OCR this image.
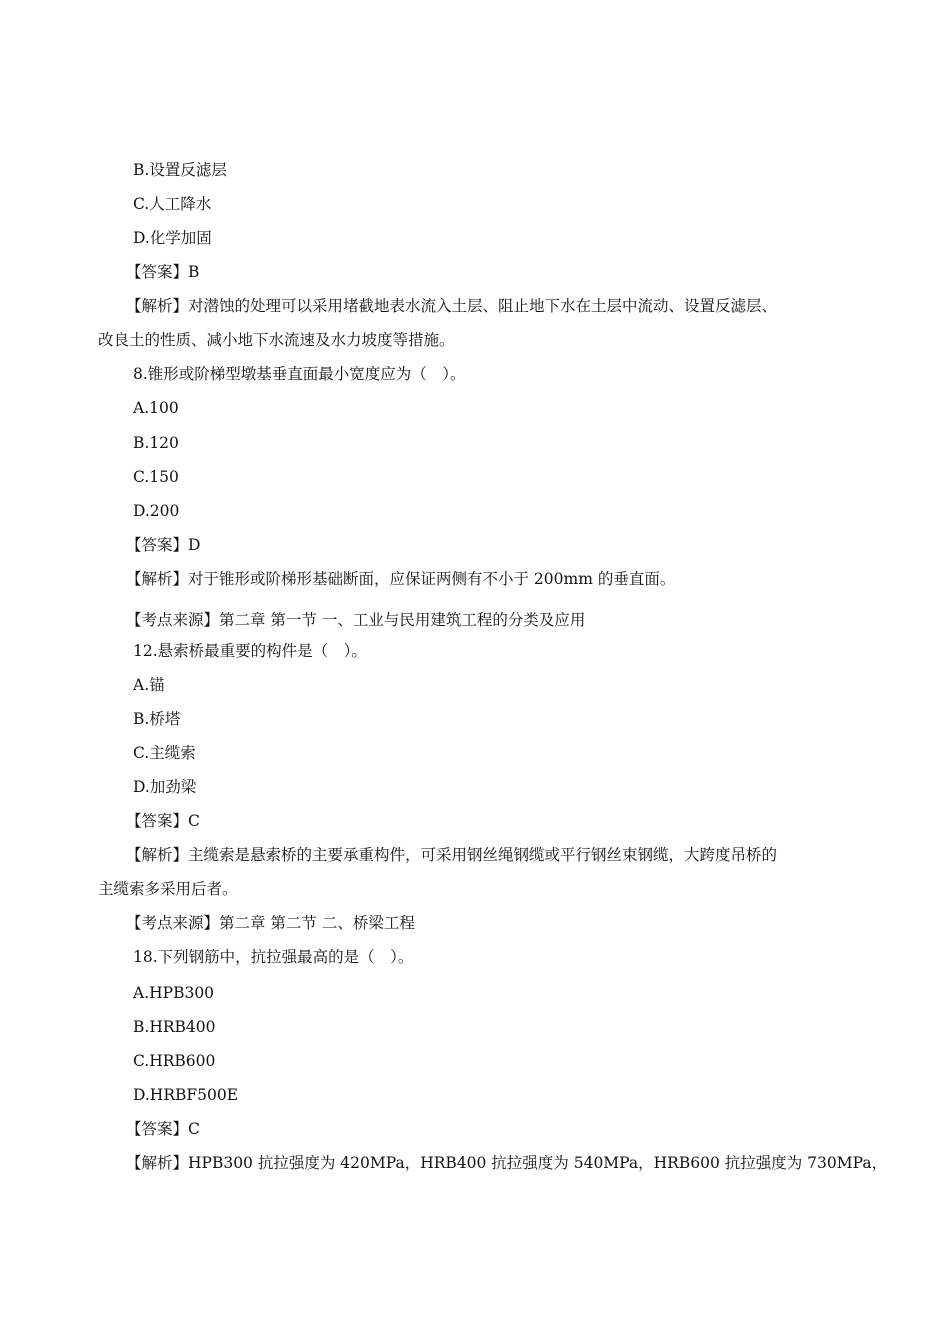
B.设置反滤层
C.人工降水
D.化学加固
【答案】B
【解析】对潜蚀的处理可以采用堵截地表水流入土层、阻止地下水在土层中流动、设置反滤层、
改良土的性质、减小地下水流速及水力坡度等措施。
8.锥形或阶梯型墩基垂直面最小宽度应为（　）。
A.100
B.120
C.150
D.200
【答案】D
【解析】对于锥形或阶梯形基础断面，应保证两侧有不小于 200mm 的垂直面。
【考点来源】第二章 第一节 一、工业与民用建筑工程的分类及应用
12.悬索桥最重要的构件是（　）。
A.锚
B.桥塔
C.主缆索
D.加劲梁
【答案】C
【解析】主缆索是悬索桥的主要承重构件，可采用钢丝绳钢缆或平行钢丝束钢缆，大跨度吊桥的
主缆索多采用后者。
【考点来源】第二章 第二节 二、桥梁工程
18.下列钢筋中，抗拉强最高的是（　）。
A.HPB300
B.HRB400
C.HRB600
D.HRBF500E
【答案】C
【解析】HPB300 抗拉强度为 420MPa，HRB400 抗拉强度为 540MPa，HRB600 抗拉强度为 730MPa，
